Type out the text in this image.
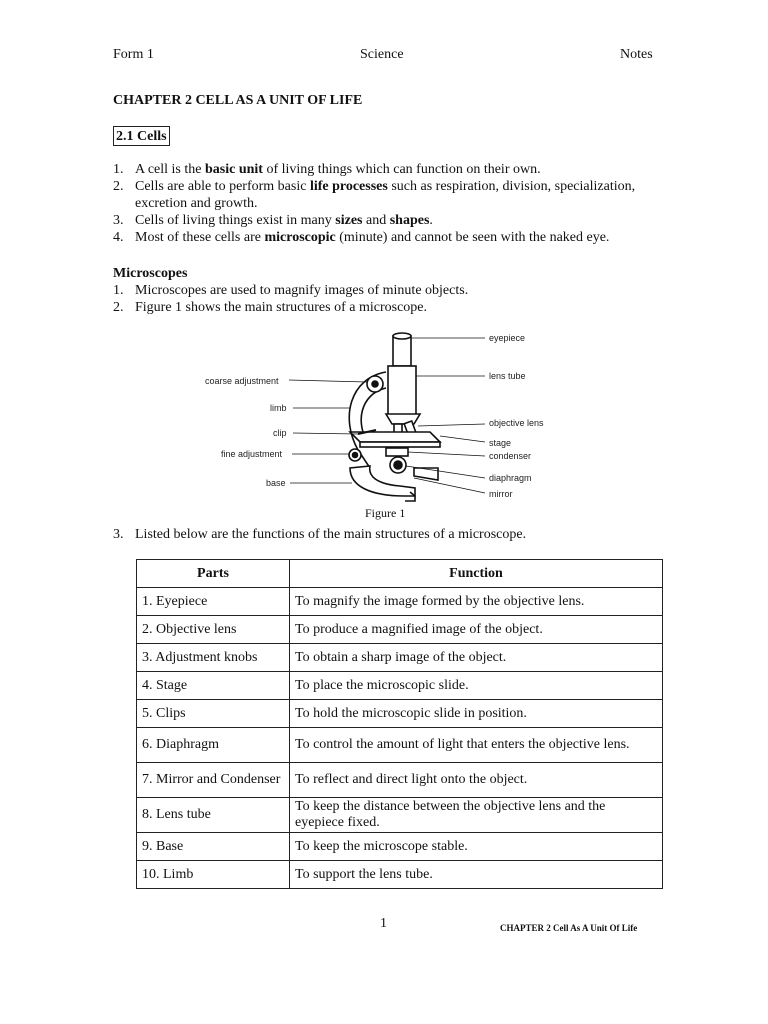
Form 1	Science	Notes
CHAPTER 2 CELL AS A UNIT OF LIFE
2.1 Cells
1. A cell is the basic unit of living things which can function on their own.
2. Cells are able to perform basic life processes such as respiration, division, specialization, excretion and growth.
3. Cells of living things exist in many sizes and shapes.
4. Most of these cells are microscopic (minute) and cannot be seen with the naked eye.
Microscopes
1. Microscopes are used to magnify images of minute objects.
2. Figure 1 shows the main structures of a microscope.
eyepiece
lens tube
objective lens
stage
condenser
diaphragm
mirror
coarse adjustment
limb
clip
fine adjustment
base
Figure 1
3. Listed below are the functions of the main structures of a microscope.
Parts	Function
1. Eyepiece	To magnify the image formed by the objective lens.
2. Objective lens	To produce a magnified image of the object.
3. Adjustment knobs	To obtain a sharp image of the object.
4. Stage	To place the microscopic slide.
5. Clips	To hold the microscopic slide in position.
6. Diaphragm	To control the amount of light that enters the objective lens.
7. Mirror and Condenser	To reflect and direct light onto the object.
8. Lens tube	To keep the distance between the objective lens and the eyepiece fixed.
9. Base	To keep the microscope stable.
10. Limb	To support the lens tube.
1	CHAPTER 2 Cell As A Unit Of Life
